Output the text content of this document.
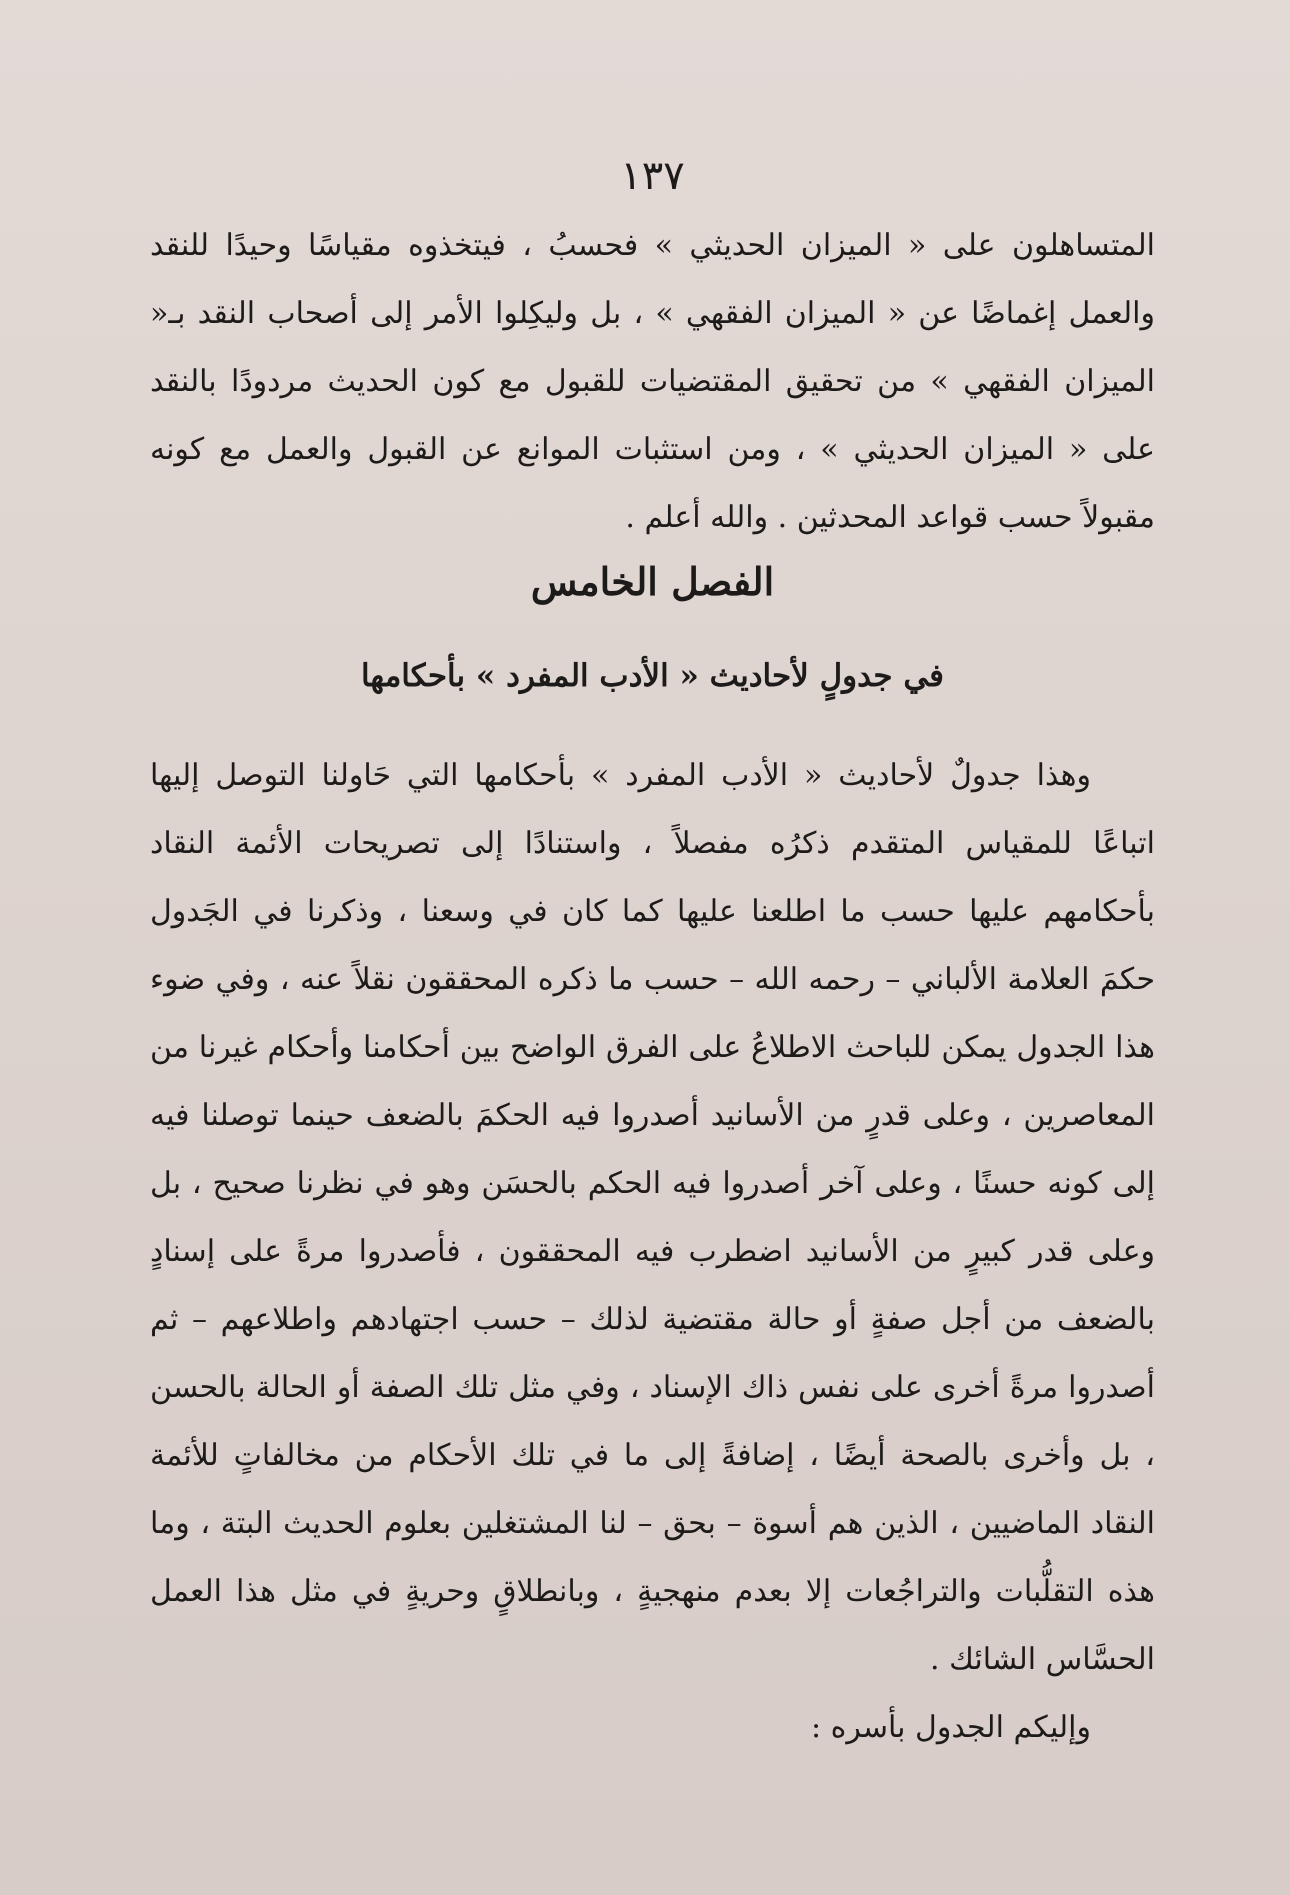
١٣٧

المتساهلون على « الميزان الحديثي » فحسبُ ، فيتخذوه مقياسًا وحيدًا للنقد والعمل إغماضًا عن « الميزان الفقهي » ، بل وليكِلوا الأمر إلى أصحاب النقد بـ« الميزان الفقهي » من تحقيق المقتضيات للقبول مع كون الحديث مردودًا بالنقد على « الميزان الحديثي » ، ومن استثبات الموانع عن القبول والعمل مع كونه مقبولاً حسب قواعد المحدثين . والله أعلم .

الفصل الخامس
في جدولٍ لأحاديث « الأدب المفرد » بأحكامها

وهذا جدولٌ لأحاديث « الأدب المفرد » بأحكامها التي حَاولنا التوصل إليها اتباعًا للمقياس المتقدم ذكرُه مفصلاً ، واستنادًا إلى تصريحات الأئمة النقاد بأحكامهم عليها حسب ما اطلعنا عليها كما كان في وسعنا ، وذكرنا في الجَدول حكمَ العلامة الألباني – رحمه الله – حسب ما ذكره المحققون نقلاً عنه ، وفي ضوء هذا الجدول يمكن للباحث الاطلاعُ على الفرق الواضح بين أحكامنا وأحكام غيرنا من المعاصرين ، وعلى قدرٍ من الأسانيد أصدروا فيه الحكمَ بالضعف حينما توصلنا فيه إلى كونه حسنًا ، وعلى آخر أصدروا فيه الحكم بالحسَن وهو في نظرنا صحيح ، بل وعلى قدر كبيرٍ من الأسانيد اضطرب فيه المحققون ، فأصدروا مرةً على إسنادٍ بالضعف من أجل صفةٍ أو حالة مقتضية لذلك – حسب اجتهادهم واطلاعهم – ثم أصدروا مرةً أخرى على نفس ذاك الإسناد ، وفي مثل تلك الصفة أو الحالة بالحسن ، بل وأخرى بالصحة أيضًا ، إضافةً إلى ما في تلك الأحكام من مخالفاتٍ للأئمة النقاد الماضيين ، الذين هم أسوة – بحق – لنا المشتغلين بعلوم الحديث البتة ، وما هذه التقلُّبات والتراجُعات إلا بعدم منهجيةٍ ، وبانطلاقٍ وحريةٍ في مثل هذا العمل الحسَّاس الشائك .

وإليكم الجدول بأسره :
